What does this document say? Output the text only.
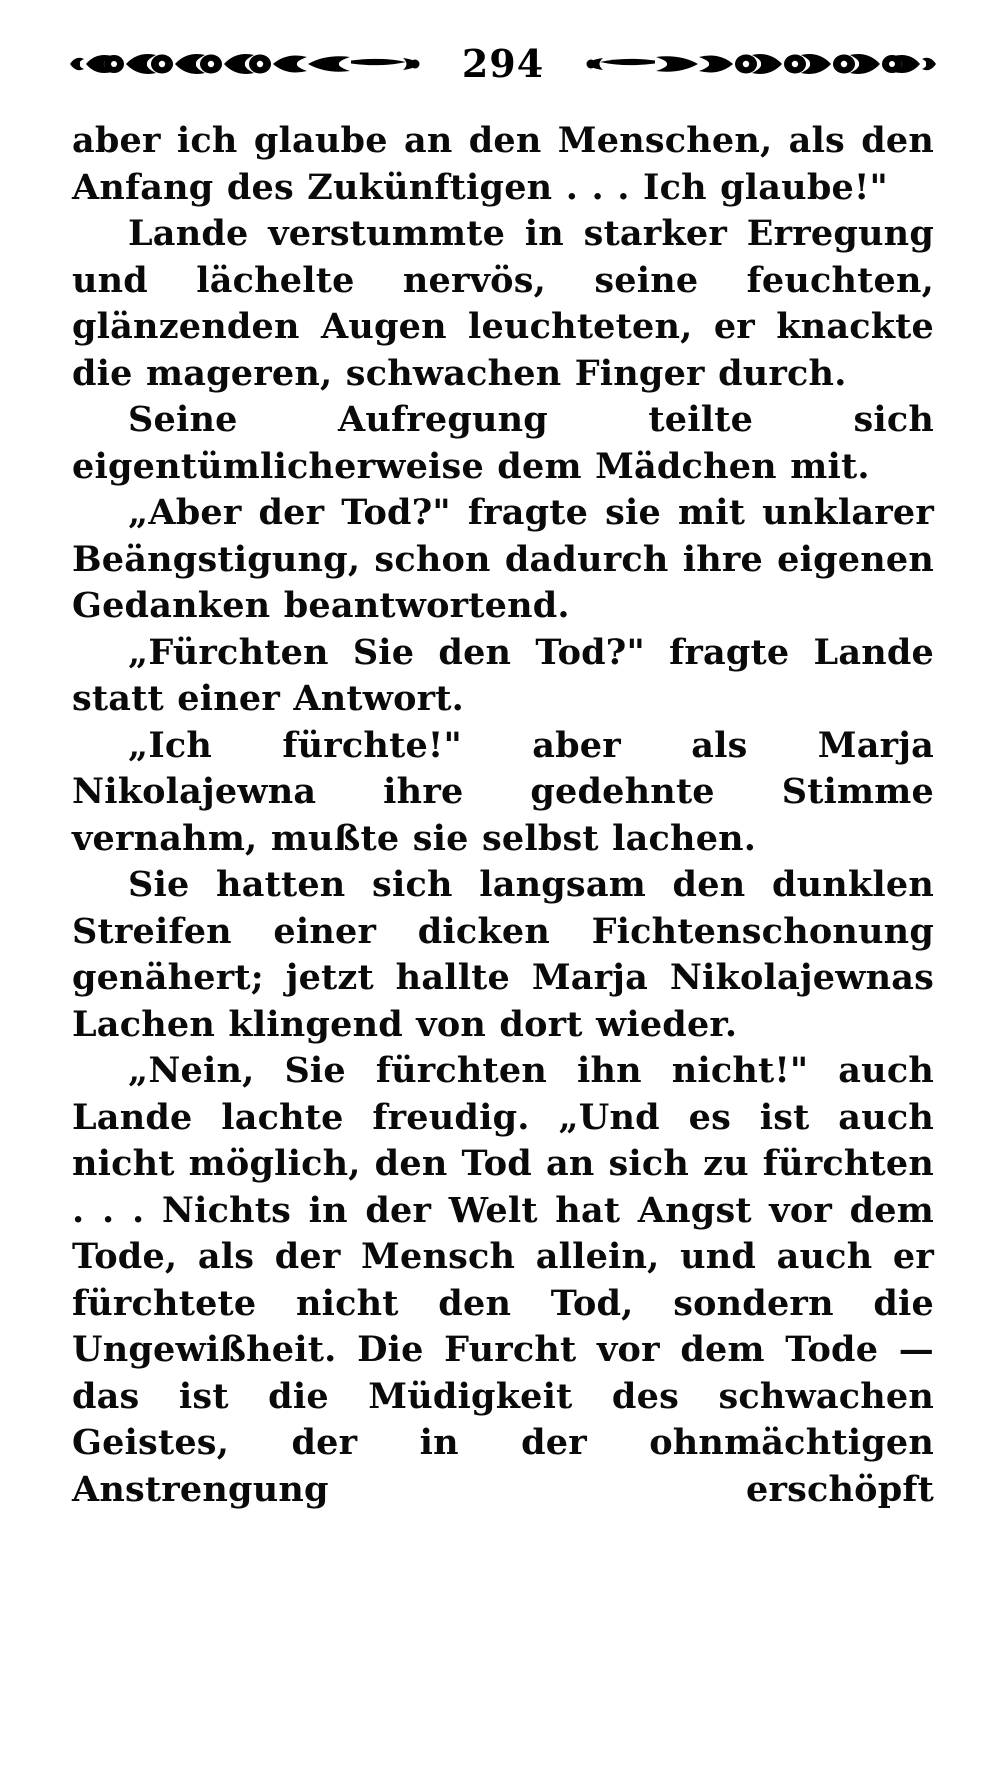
294

aber ich glaube an den Menschen, als den Anfang des Zukünftigen . . . Ich glaube!"

Lande verstummte in starker Erregung und lächelte nervös, seine feuchten, glänzenden Augen leuchteten, er knackte die mageren, schwachen Finger durch.

Seine Aufregung teilte sich eigentümlicherweise dem Mädchen mit.

„Aber der Tod?" fragte sie mit unklarer Beängstigung, schon dadurch ihre eigenen Gedanken beantwortend.

„Fürchten Sie den Tod?" fragte Lande statt einer Antwort.

„Ich fürchte!" aber als Marja Nikolajewna ihre gedehnte Stimme vernahm, mußte sie selbst lachen.

Sie hatten sich langsam den dunklen Streifen einer dicken Fichtenschonung genähert; jetzt hallte Marja Nikolajewnas Lachen klingend von dort wieder.

„Nein, Sie fürchten ihn nicht!" auch Lande lachte freudig. „Und es ist auch nicht möglich, den Tod an sich zu fürchten . . . Nichts in der Welt hat Angst vor dem Tode, als der Mensch allein, und auch er fürchtete nicht den Tod, sondern die Ungewißheit. Die Furcht vor dem Tode — das ist die Müdigkeit des schwachen Geistes, der in der ohnmächtigen Anstrengung erschöpft
